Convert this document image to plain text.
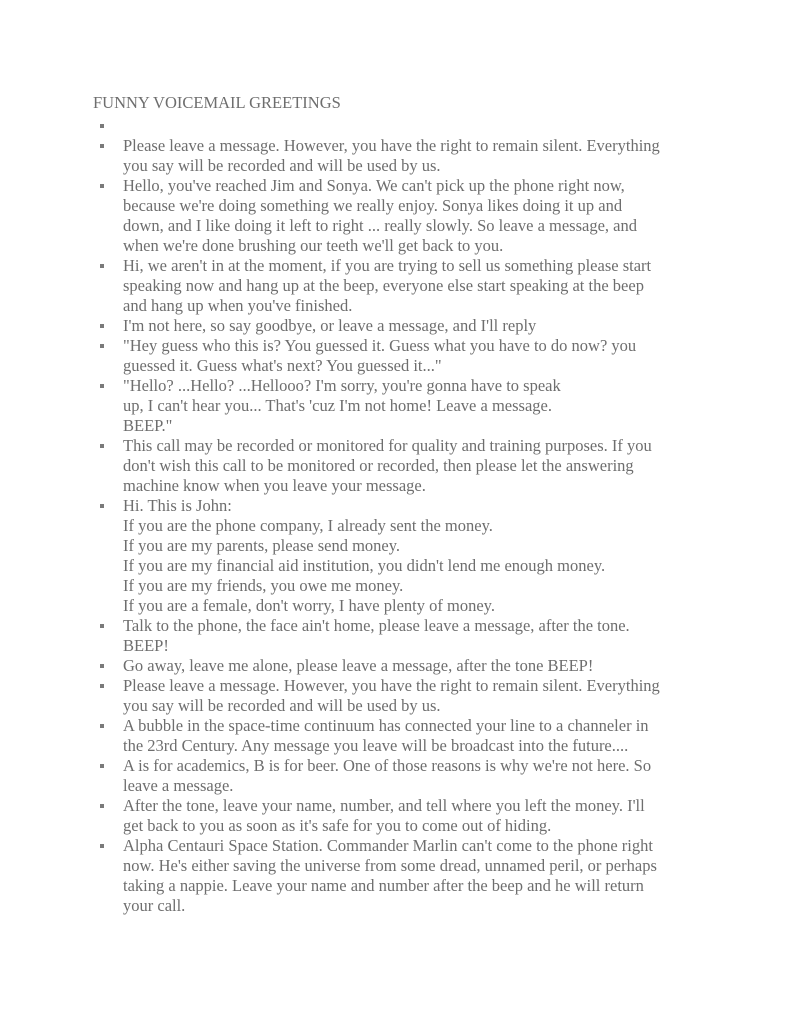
FUNNY VOICEMAIL GREETINGS
Please leave a message. However, you have the right to remain silent. Everything
you say will be recorded and will be used by us.
Hello, you've reached Jim and Sonya. We can't pick up the phone right now,
because we're doing something we really enjoy. Sonya likes doing it up and
down, and I like doing it left to right ... really slowly. So leave a message, and
when we're done brushing our teeth we'll get back to you.
Hi, we aren't in at the moment, if you are trying to sell us something please start
speaking now and hang up at the beep, everyone else start speaking at the beep
and hang up when you've finished.
I'm not here, so say goodbye, or leave a message, and I'll reply
"Hey guess who this is? You guessed it. Guess what you have to do now? you
guessed it. Guess what's next? You guessed it..."
"Hello? ...Hello? ...Hellooo? I'm sorry, you're gonna have to speak
up, I can't hear you... That's 'cuz I'm not home! Leave a message.
BEEP."
This call may be recorded or monitored for quality and training purposes. If you
don't wish this call to be monitored or recorded, then please let the answering
machine know when you leave your message.
Hi. This is John:
If you are the phone company, I already sent the money.
If you are my parents, please send money.
If you are my financial aid institution, you didn't lend me enough money.
If you are my friends, you owe me money.
If you are a female, don't worry, I have plenty of money.
Talk to the phone, the face ain't home, please leave a message, after the tone.
BEEP!
Go away, leave me alone, please leave a message, after the tone BEEP!
Please leave a message. However, you have the right to remain silent. Everything
you say will be recorded and will be used by us.
A bubble in the space-time continuum has connected your line to a channeler in
the 23rd Century. Any message you leave will be broadcast into the future....
A is for academics, B is for beer. One of those reasons is why we're not here. So
leave a message.
After the tone, leave your name, number, and tell where you left the money. I'll
get back to you as soon as it's safe for you to come out of hiding.
Alpha Centauri Space Station. Commander Marlin can't come to the phone right
now. He's either saving the universe from some dread, unnamed peril, or perhaps
taking a nappie. Leave your name and number after the beep and he will return
your call.
